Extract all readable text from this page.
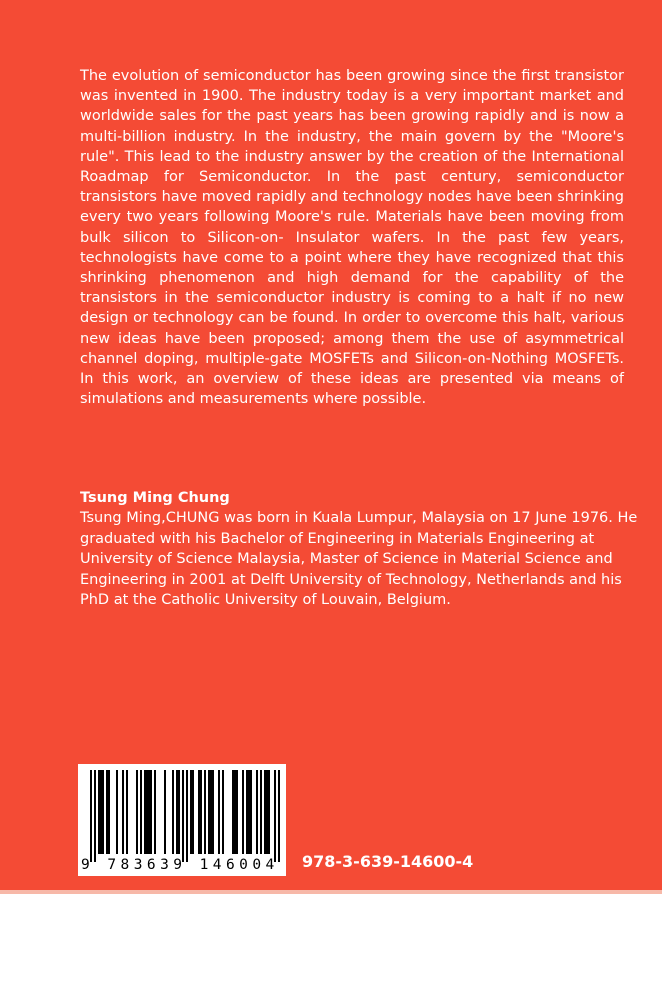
The evolution of semiconductor has been growing since the first transistor was invented in 1900. The industry today is a very important market and worldwide sales for the past years has been growing rapidly and is now a multi-billion industry. In the industry, the main govern by the "Moore's rule". This lead to the industry answer by the creation of the International Roadmap for Semiconductor. In the past century, semiconductor transistors have moved rapidly and technology nodes have been shrinking every two years following Moore's rule. Materials have been moving from bulk silicon to Silicon-on- Insulator wafers. In the past few years, technologists have come to a point where they have recognized that this shrinking phenomenon and high demand for the capability of the transistors in the semiconductor industry is coming to a halt if no new design or technology can be found. In order to overcome this halt, various new ideas have been proposed; among them the use of asymmetrical channel doping, multiple-gate MOSFETs and Silicon-on-Nothing MOSFETs. In this work, an overview of these ideas are presented via means of simulations and measurements where possible.

Tsung Ming Chung

Tsung Ming,CHUNG was born in Kuala Lumpur, Malaysia on 17 June 1976. He graduated with his Bachelor of Engineering in Materials Engineering at University of Science Malaysia, Master of Science in Material Science and Engineering in 2001 at Delft University of Technology, Netherlands and his PhD at the Catholic University of Louvain, Belgium.

9 783639 146004	978-3-639-14600-4
